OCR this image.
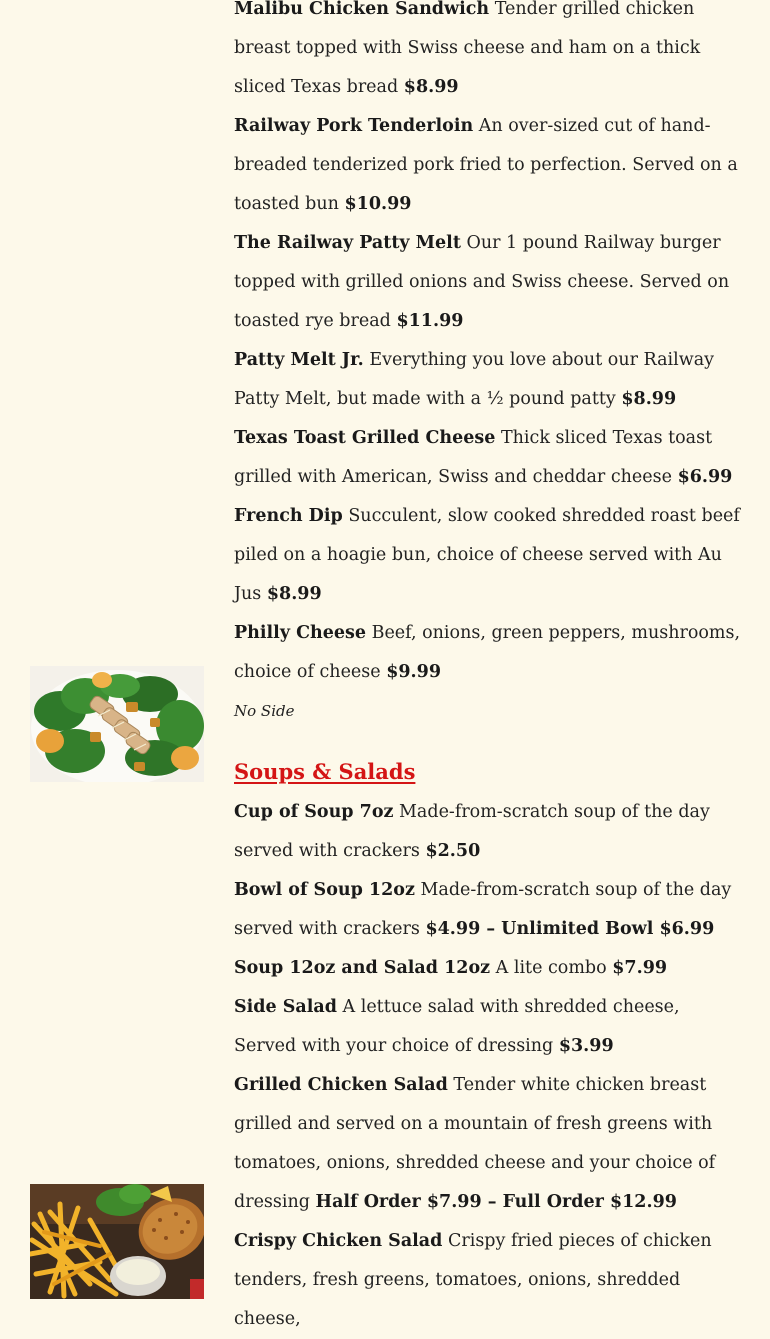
Malibu Chicken Sandwich Tender grilled chicken breast topped with Swiss cheese and ham on a thick sliced Texas bread $8.99

Railway Pork Tenderloin An over-sized cut of hand-breaded tenderized pork fried to perfection. Served on a toasted bun $10.99

The Railway Patty Melt Our 1 pound Railway burger topped with grilled onions and Swiss cheese. Served on toasted rye bread $11.99

Patty Melt Jr. Everything you love about our Railway Patty Melt, but made with a ½ pound patty $8.99

Texas Toast Grilled Cheese Thick sliced Texas toast grilled with American, Swiss and cheddar cheese $6.99

French Dip Succulent, slow cooked shredded roast beef piled on a hoagie bun, choice of cheese served with Au Jus $8.99

Philly Cheese Beef, onions, green peppers, mushrooms, choice of cheese $9.99

No Side

Soups & Salads

Cup of Soup 7oz Made-from-scratch soup of the day served with crackers $2.50

Bowl of Soup 12oz Made-from-scratch soup of the day served with crackers $4.99 – Unlimited Bowl $6.99

Soup 12oz and Salad 12oz A lite combo $7.99

Side Salad A lettuce salad with shredded cheese, Served with your choice of dressing $3.99

Grilled Chicken Salad Tender white chicken breast grilled and served on a mountain of fresh greens with tomatoes, onions, shredded cheese and your choice of dressing Half Order $7.99 – Full Order $12.99

Crispy Chicken Salad Crispy fried pieces of chicken tenders, fresh greens, tomatoes, onions, shredded cheese,
